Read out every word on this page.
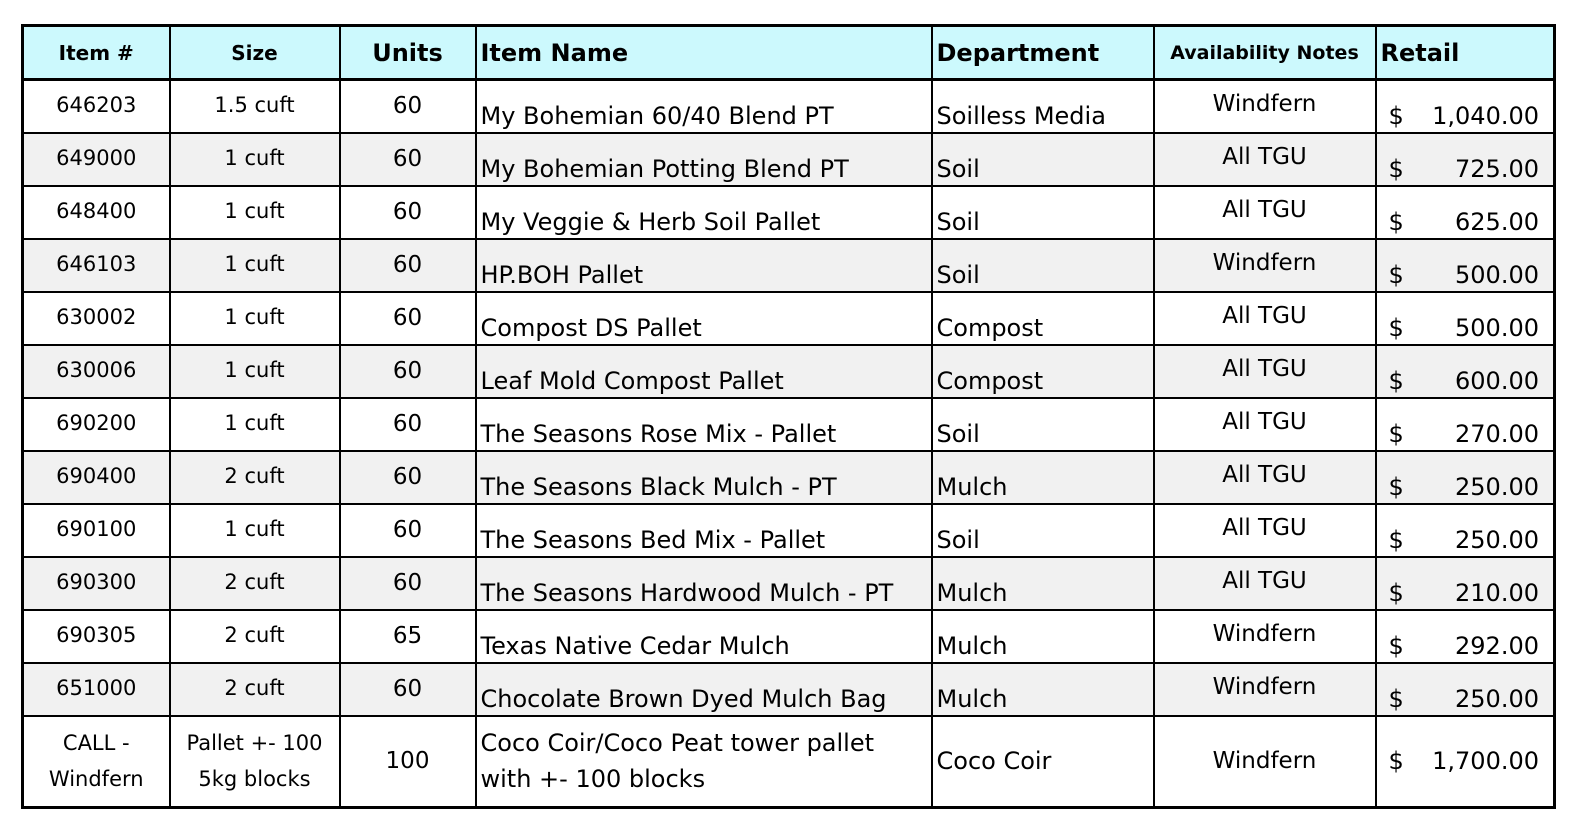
Item #	Size	Units	Item Name	Department	Availability Notes	Retail
646203	1.5 cuft	60	My Bohemian 60/40 Blend PT	Soilless Media	Windfern	$ 1,040.00

649000	1 cuft	60	My Bohemian Potting Blend PT	Soil	All TGU	$ 725.00

648400	1 cuft	60	My Veggie & Herb Soil Pallet	Soil	All TGU	$ 625.00

646103	1 cuft	60	HP.BOH Pallet	Soil	Windfern	$ 500.00

630002	1 cuft	60	Compost DS Pallet	Compost	All TGU	$ 500.00

630006	1 cuft	60	Leaf Mold Compost Pallet	Compost	All TGU	$ 600.00

690200	1 cuft	60	The Seasons Rose Mix - Pallet	Soil	All TGU	$ 270.00

690400	2 cuft	60	The Seasons Black Mulch - PT	Mulch	All TGU	$ 250.00

690100	1 cuft	60	The Seasons Bed Mix - Pallet	Soil	All TGU	$ 250.00

690300	2 cuft	60	The Seasons Hardwood Mulch - PT	Mulch	All TGU	$ 210.00

690305	2 cuft	65	Texas Native Cedar Mulch	Mulch	Windfern	$ 292.00

651000	2 cuft	60	Chocolate Brown Dyed Mulch Bag	Mulch	Windfern	$ 250.00

CALL - Windfern	Pallet +- 100 5kg blocks	100	Coco Coir/Coco Peat tower pallet with +- 100 blocks	Coco Coir	Windfern	$ 1,700.00
